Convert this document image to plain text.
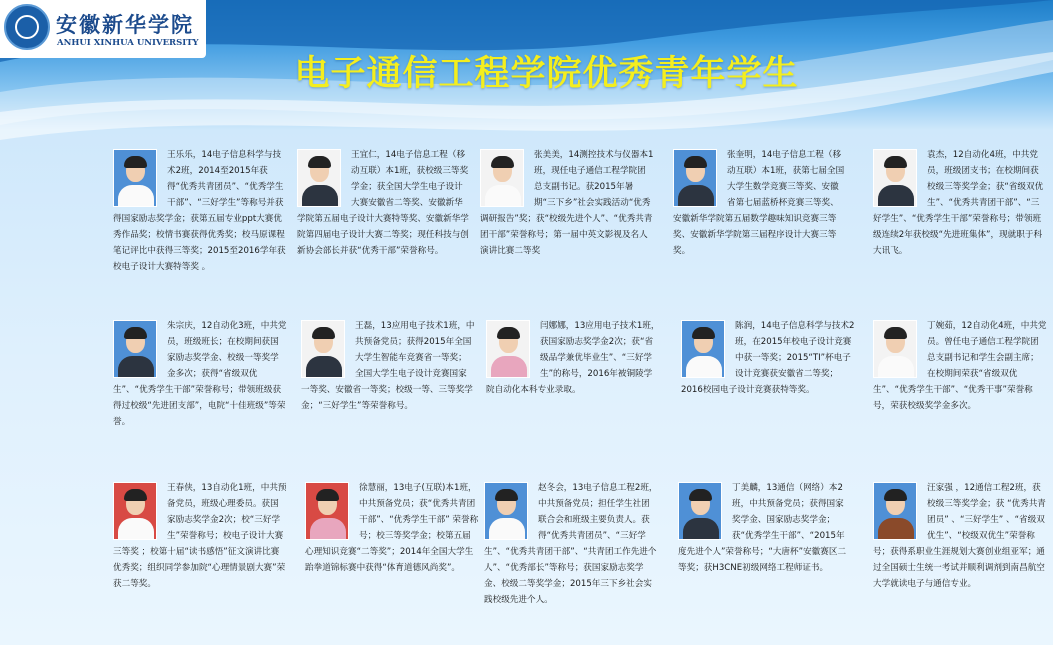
安徽新华学院
ANHUI XINHUA UNIVERSITY
电子通信工程学院优秀青年学生
王乐乐，14电子信息科学与技术2班，2014至2015年获得“优秀共青团员”、“优秀学生干部”、“三好学生”等称号并获得国家励志奖学金；获第五届专业ppt大赛优秀作品奖；校情书赛获得优秀奖；校马原课程笔记评比中获得三等奖；2015至2016学年获校电子设计大赛特等奖 。
王宜仁，14电子信息工程（移动互联）本1班，获校级三等奖学金；获全国大学生电子设计大赛安徽省二等奖、安徽新华学院第五届电子设计大赛特等奖、安徽新华学院第四届电子设计大赛二等奖；现任科技与创新协会部长并获“优秀干部”荣誉称号。
张美美，14测控技术与仪器本1班，现任电子通信工程学院团总支副书记。获2015年暑期“三下乡”社会实践活动“优秀调研报告”奖；获“校级先进个人”、“优秀共青团干部”荣誉称号；第一届中英文影视及名人演讲比赛二等奖
张奎明，14电子信息工程（移动互联）本1班，获第七届全国大学生数学竞赛三等奖、安徽省第七届蓝桥杯竞赛三等奖、安徽新华学院第五届数学趣味知识竞赛三等奖、安徽新华学院第三届程序设计大赛三等奖。
袁杰，12自动化4班，中共党员，班级团支书；在校期间获校级三等奖学金；获“省级双优生”、“优秀共青团干部”、“三好学生”、“优秀学生干部”荣誉称号；带领班级连续2年获校级“先进班集体”，现就职于科大讯飞。
朱宗庆，12自动化3班，中共党员，班级班长；在校期间获国家励志奖学金、校级一等奖学金多次；获得“省级双优生”、“优秀学生干部”荣誉称号；带领班级获得过校级“先进团支部”，电院“十佳班级”等荣誉。
王磊，13应用电子技术1班，中共预备党员；获得2015年全国大学生智能车竞赛省一等奖；全国大学生电子设计竞赛国家一等奖、安徽省一等奖；校级一等、三等奖学金；“三好学生”等荣誉称号。
闫娜娜，13应用电子技术1班，获国家励志奖学金2次；获“省级品学兼优毕业生”、“三好学生”的称号，2016年被铜陵学院自动化本科专业录取。
陈润，14电子信息科学与技术2班，在2015年校电子设计竞赛中获一等奖；2015“TI”杯电子设计竞赛获安徽省二等奖；2016校园电子设计竞赛获特等奖。
丁婉茹，12自动化4班，中共党员。曾任电子通信工程学院团总支副书记和学生会副主席；在校期间荣获“省级双优生”、“优秀学生干部”、“优秀干事”荣誉称号，荣获校级奖学金多次。
王春侠，13自动化1班，中共预备党员，班级心理委员。获国家励志奖学金2次；校“三好学生”荣誉称号；校电子设计大赛三等奖 ；校第十届“读书感悟”征文演讲比赛优秀奖；组织同学参加院“心理情景剧大赛”荣获二等奖。
徐慧丽，13电子(互联)本1班，中共预备党员；获“优秀共青团干部”、“优秀学生干部” 荣誉称号；校三等奖学金；校第五届心理知识竞赛“二等奖”；2014年全国大学生跆拳道锦标赛中获得“体育道德风尚奖”。
赵冬会，13电子信息工程2班，中共预备党员；担任学生社团联合会和班级主要负责人。获得“优秀共青团员”、“三好学生”、“优秀共青团干部”、“共青团工作先进个人”、“优秀部长”等称号；获国家励志奖学金、校级二等奖学金；2015年三下乡社会实践校级先进个人。
丁美麟，13通信（网络）本2班，中共预备党员；获得国家奖学金、国家励志奖学金；获“优秀学生干部”、“2015年度先进个人”荣誉称号；“大唐杯”安徽赛区二等奖；获H3CNE初级网络工程师证书。
汪家强 ，12通信工程2班，获校级三等奖学金；获 “优秀共青团员” 、“三好学生” 、“省级双优生”、“校级双优生”荣誉称号；获得系职业生涯规划大赛创业组亚军；通过全国硕士生统一考试并顺利调剂到南昌航空大学就读电子与通信专业。
